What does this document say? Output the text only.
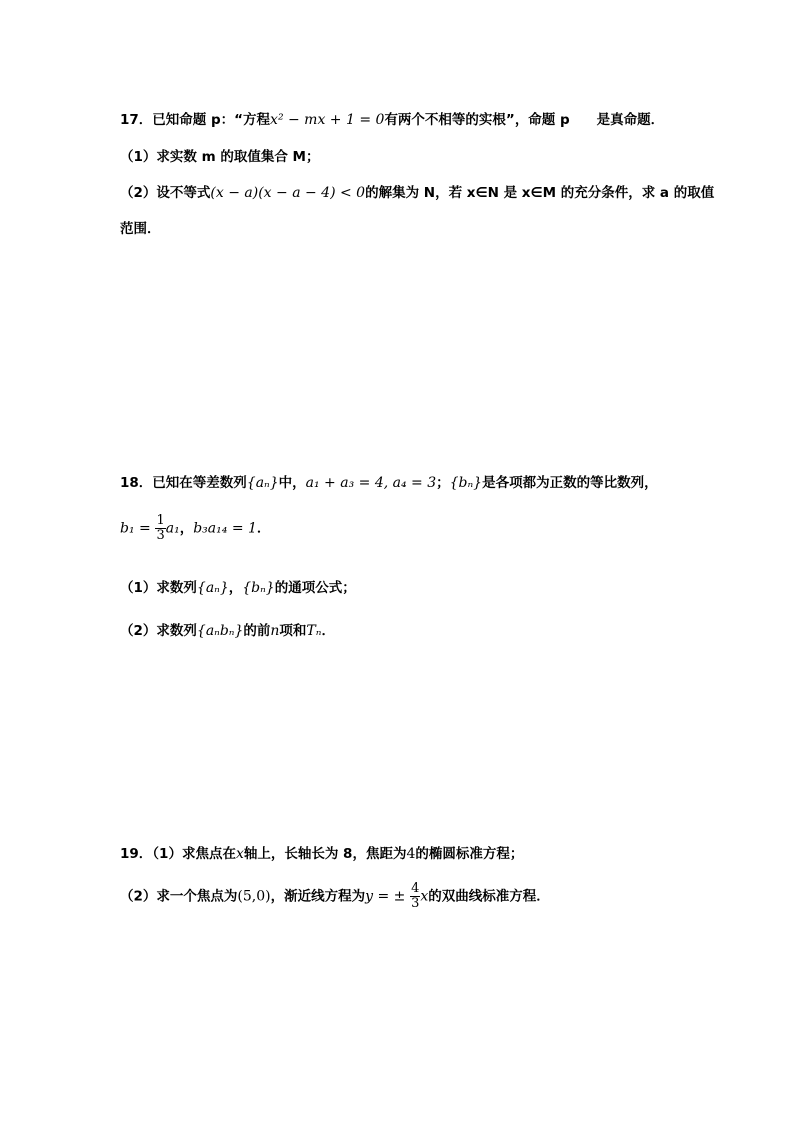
17．已知命题 p：“方程x² − mx + 1 = 0有两个不相等的实根”，命题 p　　是真命题．
（1）求实数 m 的取值集合 M；
（2）设不等式(x − a)(x − a − 4) < 0的解集为 N，若 x∈N 是 x∈M 的充分条件，求 a 的取值
范围．
18．已知在等差数列{aₙ}中，a₁ + a₃ = 4, a₄ = 3；{bₙ}是各项都为正数的等比数列，
$b_1 = \frac{1}{3} a_1$，b₃a₁₄ = 1．
（1）求数列{aₙ}，{bₙ}的通项公式；
（2）求数列{aₙbₙ}的前n项和Tₙ．
19．（1）求焦点在x轴上，长轴长为 8，焦距为4的椭圆标准方程；
（2）求一个焦点为(5,0)，渐近线方程为y = ± $\frac{4}{3}$ x的双曲线标准方程．
